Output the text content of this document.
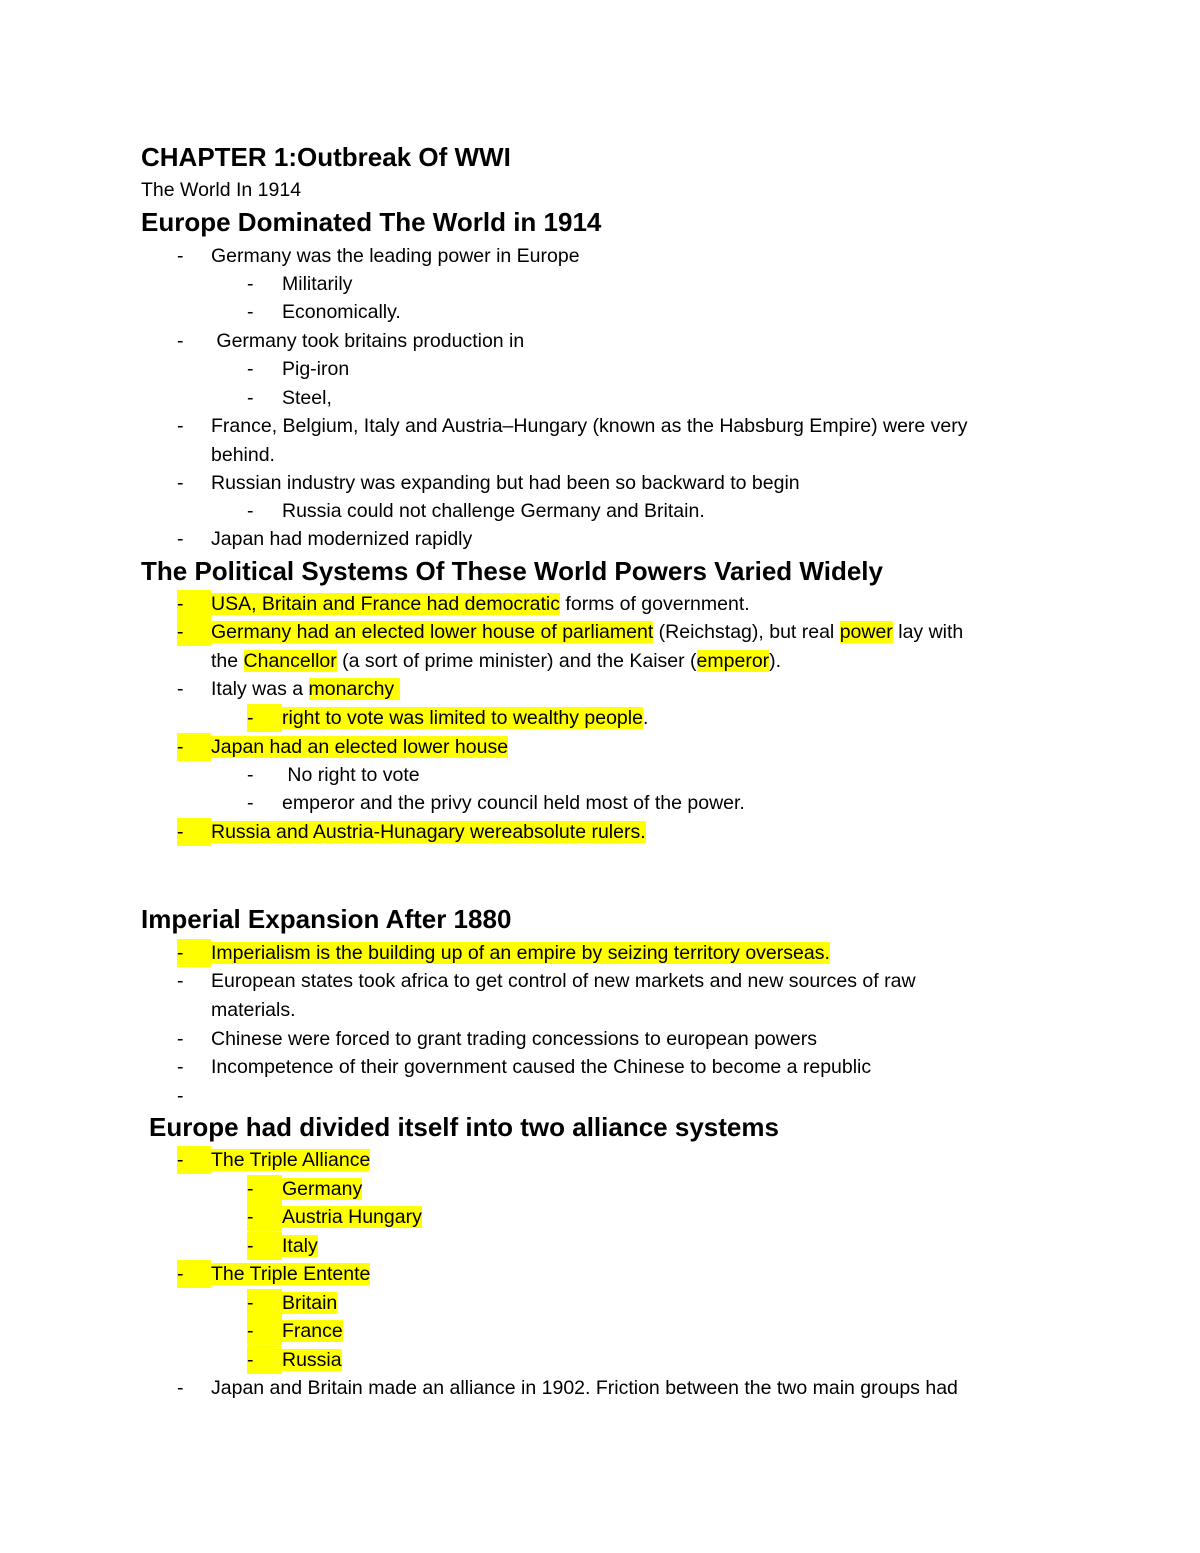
CHAPTER 1:Outbreak Of WWI
The World In 1914
Europe Dominated The World in 1914
The Political Systems Of These World Powers Varied Widely
Imperial Expansion After 1880
Europe had divided itself into two alliance systems
- Germany was the leading power in Europe
- Militarily
- Economically.
- Germany took britains production in
- Pig-iron
- Steel,
- France, Belgium, Italy and Austria–Hungary (known as the Habsburg Empire) were very
behind.
- Russian industry was expanding but had been so backward to begin
- Russia could not challenge Germany and Britain.
- Japan had modernized rapidly
-	USA, Britain and France had democratic forms of government.
-	Germany had an elected lower house of parliament (Reichstag), but real power lay with
the Chancellor (a sort of prime minister) and the Kaiser (emperor).
- Italy was a monarchy
-	right to vote was limited to wealthy people.
-	Japan had an elected lower house
- No right to vote
- emperor and the privy council held most of the power.
-	Russia and Austria-Hunagary wereabsolute rulers.
-	Imperialism is the building up of an empire by seizing territory overseas.
- European states took africa to get control of new markets and new sources of raw
materials.
- Chinese were forced to grant trading concessions to european powers
- Incompetence of their government caused the Chinese to become a republic
-
-	The Triple Alliance
-	Germany
-	Austria Hungary
-	Italy
-	The Triple Entente
-	Britain
-	France
-	Russia
- Japan and Britain made an alliance in 1902. Friction between the two main groups had
